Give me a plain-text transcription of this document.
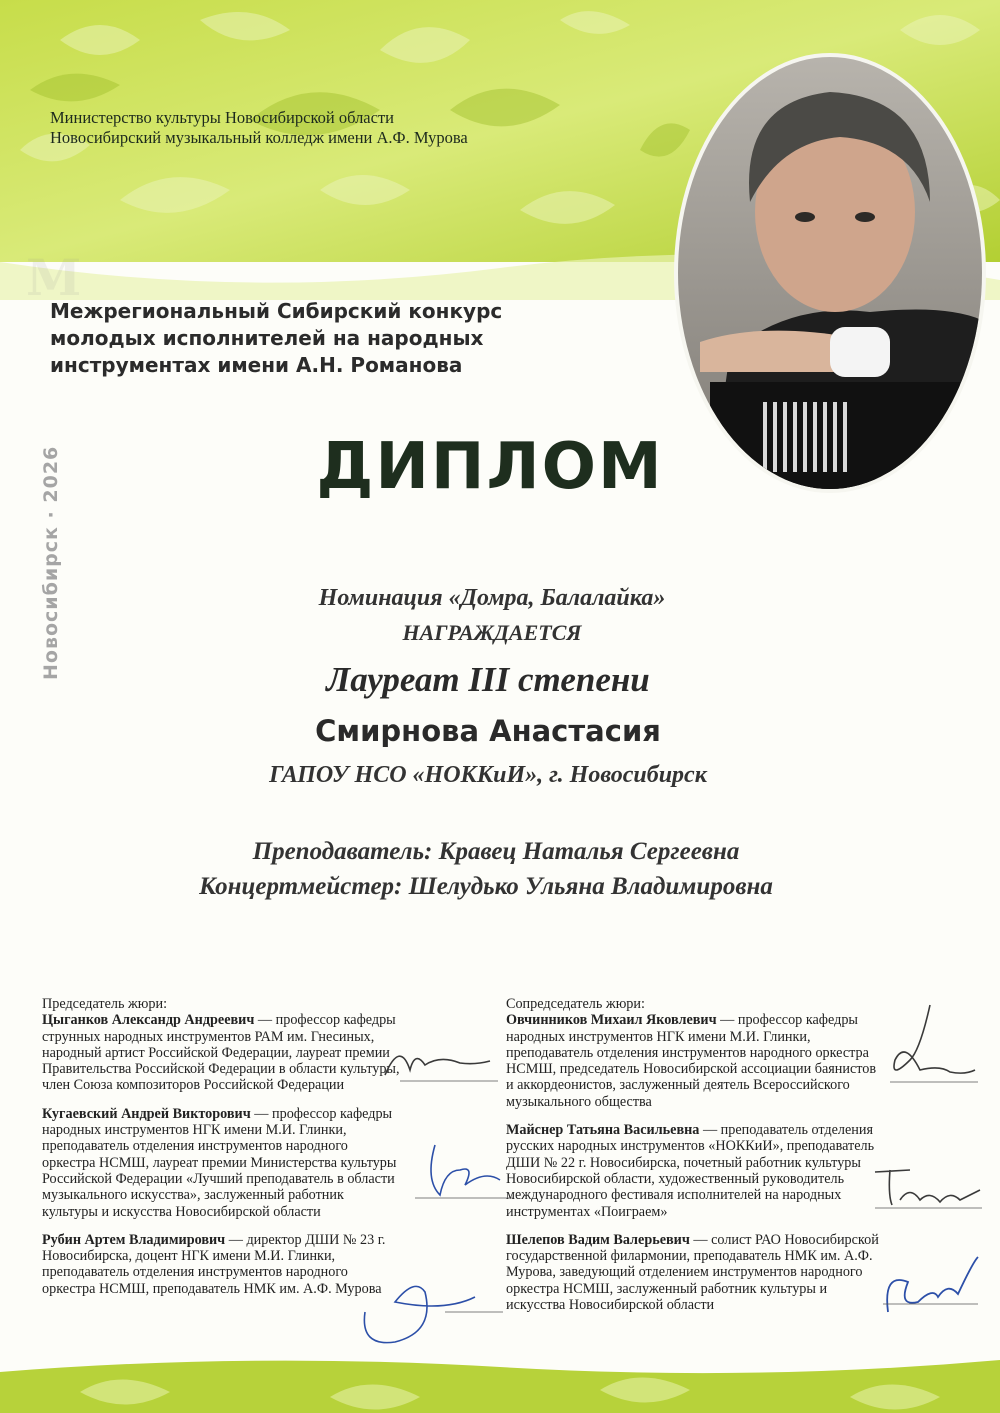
Министерство культуры Новосибирской области
Новосибирский музыкальный колледж имени А.Ф. Мурова
М
Межрегиональный Сибирский конкурс
молодых исполнителей на народных
инструментах имени А.Н. Романова
Новосибирск · 2026	ДИПЛОМ
Номинация «Домра, Балалайка»
НАГРАЖДАЕТСЯ
Лауреат III степени
Смирнова Анастасия
ГАПОУ НСО «НОККиИ», г. Новосибирск
Преподаватель: Кравец Наталья Сергеевна
Концертмейстер: Шелудько Ульяна Владимировна
Председатель жюри:
Цыганков Александр Андреевич — профессор кафедры струнных народных инструментов РАМ им. Гнесиных, народный артист Российской Федерации, лауреат премии Правительства Российской Федерации в области культуры, член Союза композиторов Российской Федерации
Кугаевский Андрей Викторович — профессор кафедры народных инструментов НГК имени М.И. Глинки, преподаватель отделения инструментов народного оркестра НСМШ, лауреат премии Министерства культуры Российской Федерации «Лучший преподаватель в области музыкального искусства», заслуженный работник культуры и искусства Новосибирской области
Рубин Артем Владимирович — директор ДШИ № 23 г. Новосибирска, доцент НГК имени М.И. Глинки, преподаватель отделения инструментов народного оркестра НСМШ, преподаватель НМК им. А.Ф. Мурова
Сопредседатель жюри:
Овчинников Михаил Яковлевич — профессор кафедры народных инструментов НГК имени М.И. Глинки, преподаватель отделения инструментов народного оркестра НСМШ, председатель Новосибирской ассоциации баянистов и аккордеонистов, заслуженный деятель Всероссийского музыкального общества
Майснер Татьяна Васильевна — преподаватель отделения русских народных инструментов «НОККиИ», преподаватель ДШИ № 22 г. Новосибирска, почетный работник культуры Новосибирской области, художественный руководитель международного фестиваля исполнителей на народных инструментах «Поиграем»
Шелепов Вадим Валерьевич — солист РАО Новосибирской государственной филармонии, преподаватель НМК им. А.Ф. Мурова, заведующий отделением инструментов народного оркестра НСМШ, заслуженный работник культуры и искусства Новосибирской области
